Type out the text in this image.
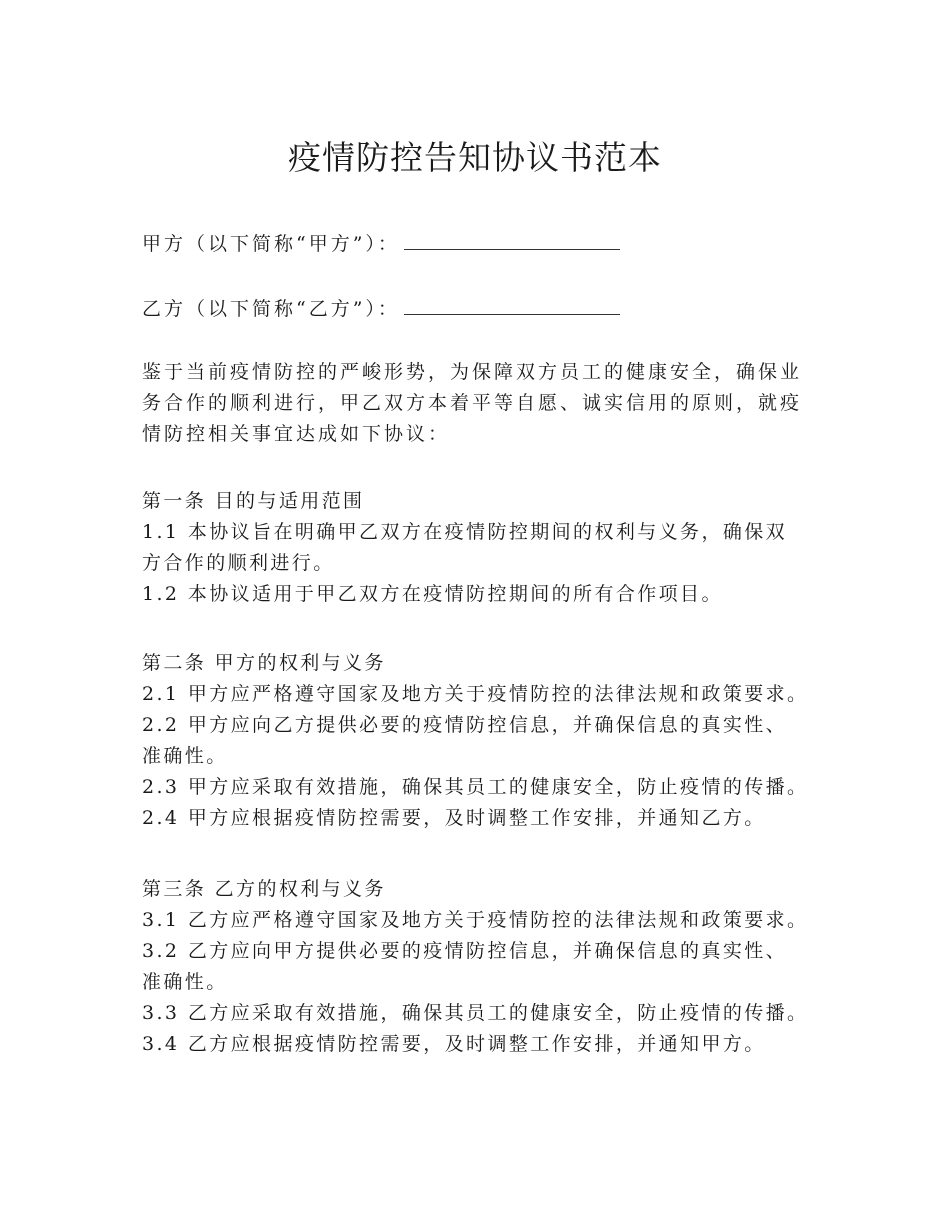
疫情防控告知协议书范本
甲方（以下简称“甲方”）：
乙方（以下简称“乙方”）：
鉴于当前疫情防控的严峻形势，为保障双方员工的健康安全，确保业
务合作的顺利进行，甲乙双方本着平等自愿、诚实信用的原则，就疫
情防控相关事宜达成如下协议：
第一条 目的与适用范围
1.1 本协议旨在明确甲乙双方在疫情防控期间的权利与义务，确保双
方合作的顺利进行。
1.2 本协议适用于甲乙双方在疫情防控期间的所有合作项目。
第二条 甲方的权利与义务
2.1 甲方应严格遵守国家及地方关于疫情防控的法律法规和政策要求。
2.2 甲方应向乙方提供必要的疫情防控信息，并确保信息的真实性、
准确性。
2.3 甲方应采取有效措施，确保其员工的健康安全，防止疫情的传播。
2.4 甲方应根据疫情防控需要，及时调整工作安排，并通知乙方。
第三条 乙方的权利与义务
3.1 乙方应严格遵守国家及地方关于疫情防控的法律法规和政策要求。
3.2 乙方应向甲方提供必要的疫情防控信息，并确保信息的真实性、
准确性。
3.3 乙方应采取有效措施，确保其员工的健康安全，防止疫情的传播。
3.4 乙方应根据疫情防控需要，及时调整工作安排，并通知甲方。
